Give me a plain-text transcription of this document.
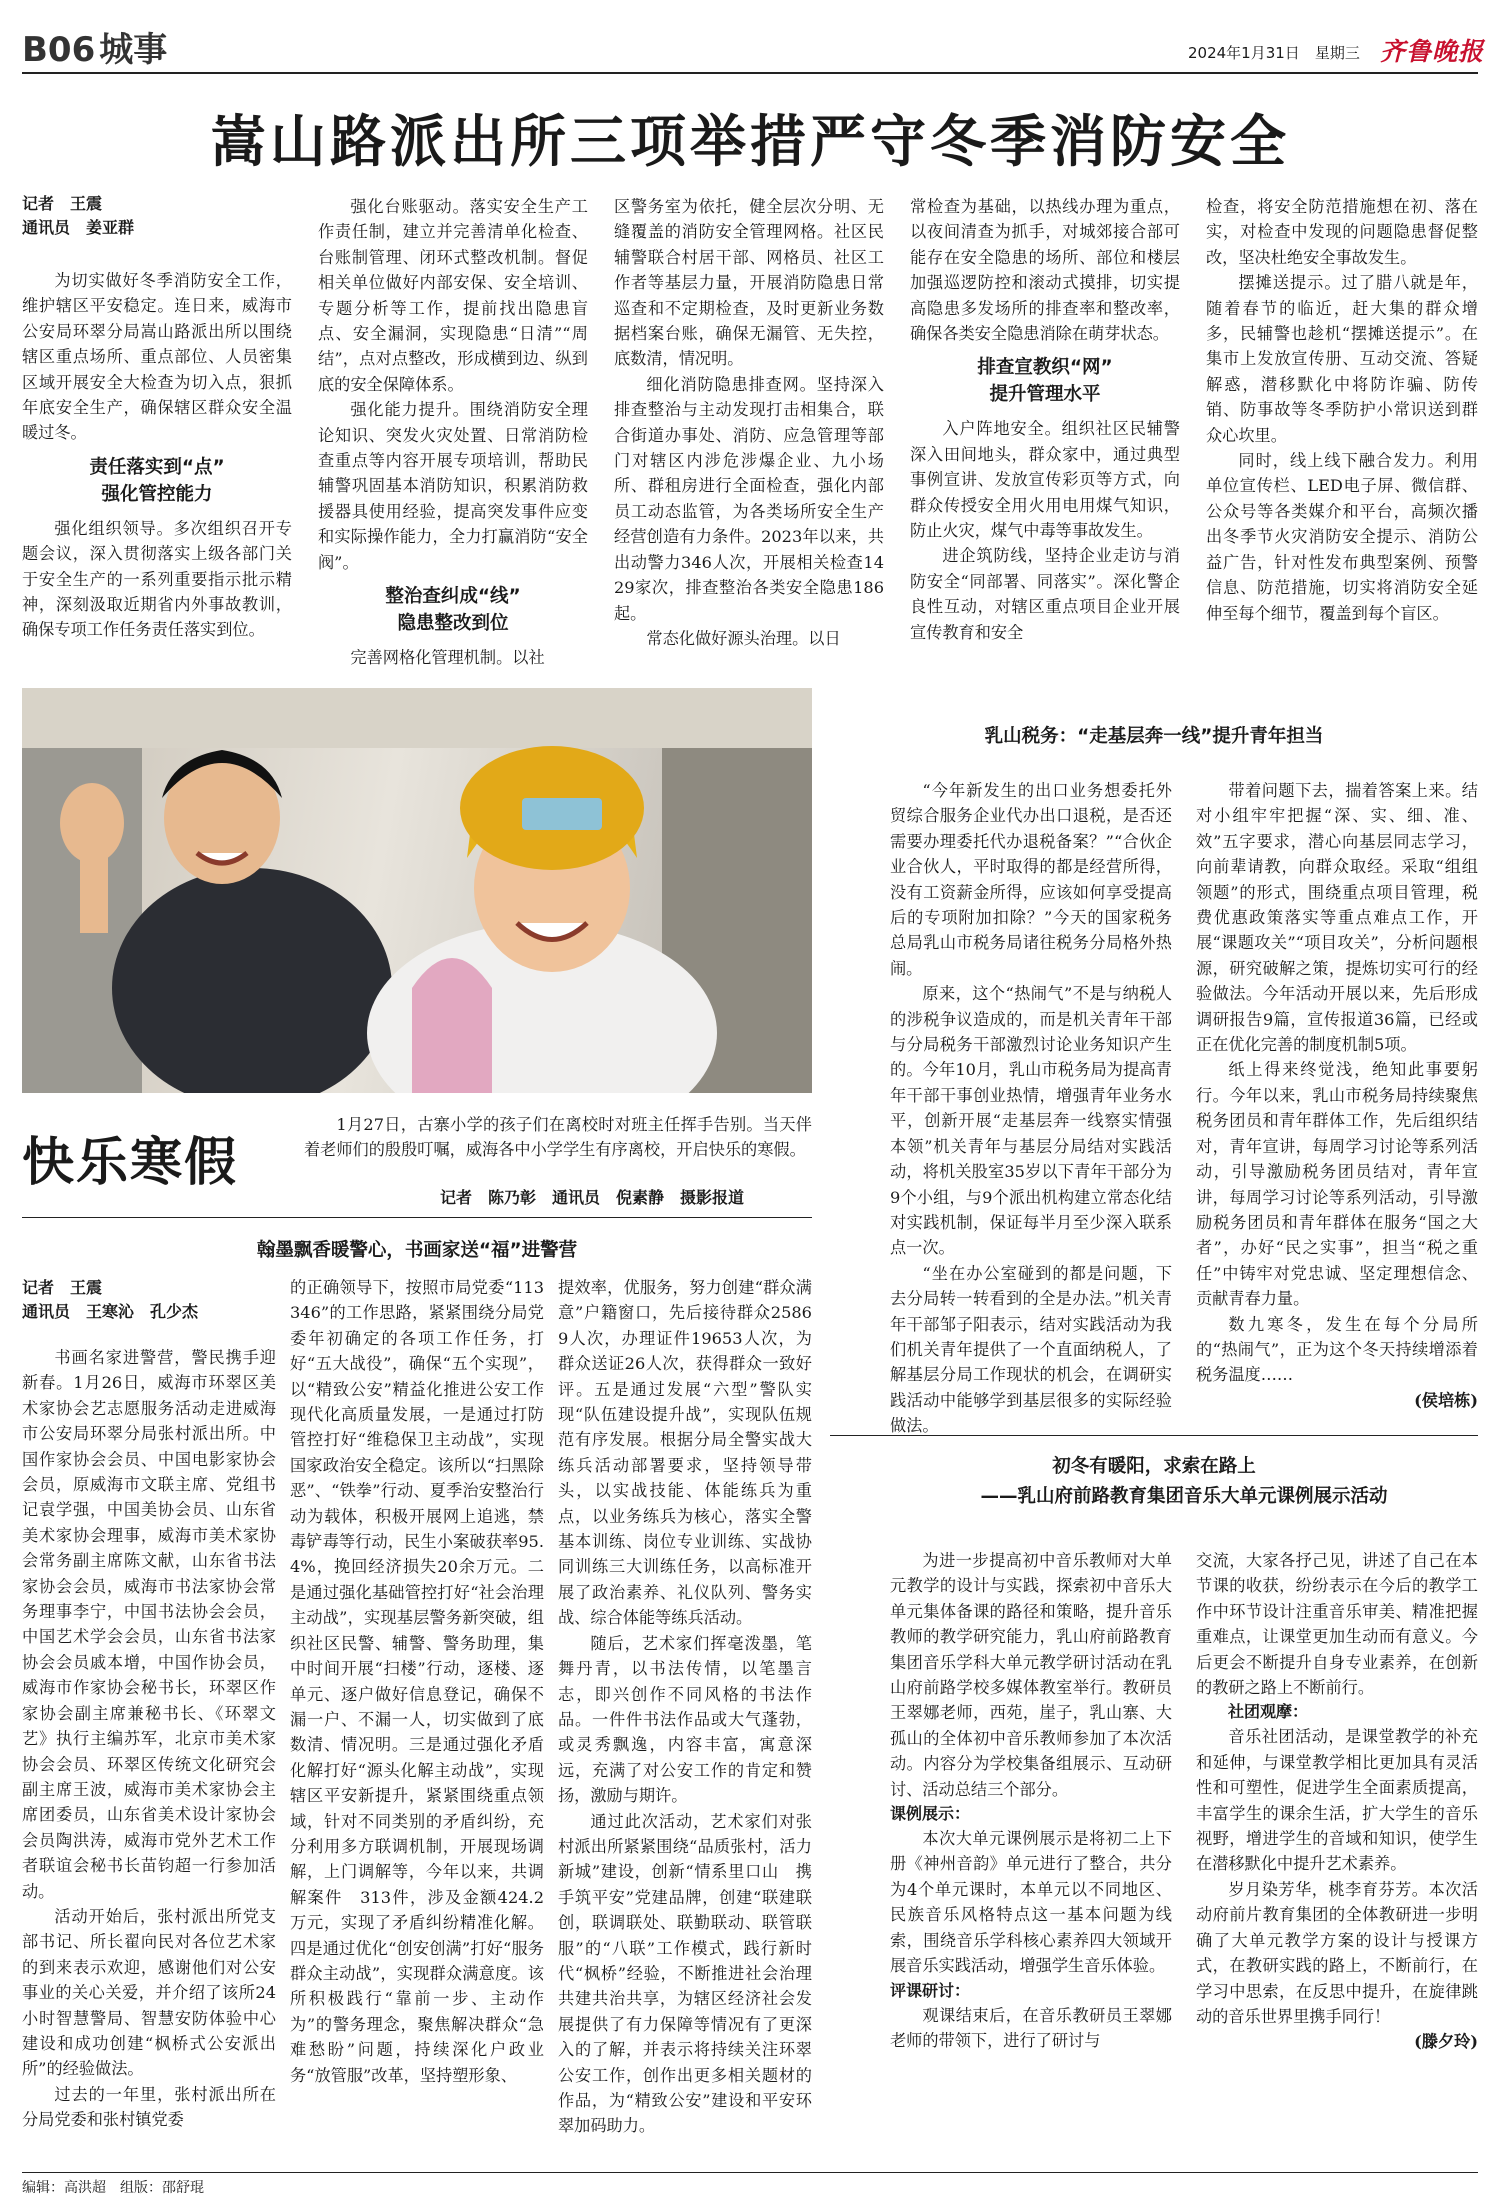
B06 城事	2024年1月31日　 星期三 齐鲁晚报
嵩山路派出所三项举措严守冬季消防安全
记者　王震
通讯员　姜亚群

为切实做好冬季消防安全工作，维护辖区平安稳定。连日来，威海市公安局环翠分局嵩山路派出所以围绕辖区重点场所、重点部位、人员密集区域开展安全大检查为切入点，狠抓年底安全生产，确保辖区群众安全温暖过冬。

责任落实到“点”
强化管控能力

强化组织领导。多次组织召开专题会议，深入贯彻落实上级各部门关于安全生产的一系列重要指示批示精神，深刻汲取近期省内外事故教训，确保专项工作任务责任落实到位。

强化台账驱动。落实安全生产工作责任制，建立并完善清单化检查、台账制管理、闭环式整改机制。督促相关单位做好内部安保、安全培训、专题分析等工作，提前找出隐患盲点、安全漏洞，实现隐患“日清”“周结”，点对点整改，形成横到边、纵到底的安全保障体系。

强化能力提升。围绕消防安全理论知识、突发火灾处置、日常消防检查重点等内容开展专项培训，帮助民辅警巩固基本消防知识，积累消防救援器具使用经验，提高突发事件应变和实际操作能力，全力打赢消防“安全阀”。

整治查纠成“线”
隐患整改到位

完善网格化管理机制。以社

区警务室为依托，健全层次分明、无缝覆盖的消防安全管理网格。社区民辅警联合村居干部、网格员、社区工作者等基层力量，开展消防隐患日常巡查和不定期检查，及时更新业务数据档案台账，确保无漏管、无失控，底数清，情况明。

细化消防隐患排查网。坚持深入排查整治与主动发现打击相集合，联合街道办事处、消防、应急管理等部门对辖区内涉危涉爆企业、九小场所、群租房进行全面检查，强化内部员工动态监管，为各类场所安全生产经营创造有力条件。2023年以来，共出动警力346人次，开展相关检查1429家次，排查整治各类安全隐患186起。

常态化做好源头治理。以日

常检查为基础，以热线办理为重点，以夜间清查为抓手，对城郊接合部可能存在安全隐患的场所、部位和楼层加强巡逻防控和滚动式摸排，切实提高隐患多发场所的排查率和整改率，确保各类安全隐患消除在萌芽状态。

排查宣教织“网”
提升管理水平

入户阵地安全。组织社区民辅警深入田间地头，群众家中，通过典型事例宣讲、发放宣传彩页等方式，向群众传授安全用火用电用煤气知识，防止火灾，煤气中毒等事故发生。

进企筑防线，坚持企业走访与消防安全“同部署、同落实”。深化警企良性互动，对辖区重点项目企业开展宣传教育和安全

检查，将安全防范措施想在初、落在实，对检查中发现的问题隐患督促整改，坚决杜绝安全事故发生。

摆摊送提示。过了腊八就是年，随着春节的临近，赶大集的群众增多，民辅警也趁机“摆摊送提示”。在集市上发放宣传册、互动交流、答疑解惑，潜移默化中将防诈骗、防传销、防事故等冬季防护小常识送到群众心坎里。

同时，线上线下融合发力。利用单位宣传栏、LED电子屏、微信群、公众号等各类媒介和平台，高频次播出冬季节火灾消防安全提示、消防公益广告，针对性发布典型案例、预警信息、防范措施，切实将消防安全延伸至每个细节，覆盖到每个盲区。

快乐寒假
1月27日，古寨小学的孩子们在离校时对班主任挥手告别。当天伴着老师们的殷殷叮嘱，威海各中小学学生有序离校，开启快乐的寒假。
记者　陈乃彰　通讯员　倪素静　摄影报道
翰墨飘香暖警心，书画家送“福”进警营
记者　王震
通讯员　王寒沁　孔少杰

书画名家进警营，警民携手迎新春。1月26日，威海市环翠区美术家协会艺志愿服务活动走进威海市公安局环翠分局张村派出所。中国作家协会会员、中国电影家协会会员，原威海市文联主席、党组书记袁学强，中国美协会员、山东省美术家协会理事，威海市美术家协会常务副主席陈文献，山东省书法家协会会员，威海市书法家协会常务理事李宁，中国书法协会会员，中国艺术学会会员，山东省书法家协会会员戚本增，中国作协会员，威海市作家协会秘书长，环翠区作家协会副主席兼秘书长、《环翠文艺》执行主编苏军，北京市美术家协会会员、环翠区传统文化研究会副主席王波，威海市美术家协会主席团委员，山东省美术设计家协会会员陶洪涛，威海市党外艺术工作者联谊会秘书长苗钧超一行参加活动。

活动开始后，张村派出所党支部书记、所长翟向民对各位艺术家的到来表示欢迎，感谢他们对公安事业的关心关爱，并介绍了该所24小时智慧警局、智慧安防体验中心建设和成功创建“枫桥式公安派出所”的经验做法。

过去的一年里，张村派出所在分局党委和张村镇党委

的正确领导下，按照市局党委“113346”的工作思路，紧紧围绕分局党委年初确定的各项工作任务，打好“五大战役”，确保“五个实现”，以“精致公安”精益化推进公安工作现代化高质量发展，一是通过打防管控打好“维稳保卫主动战”，实现国家政治安全稳定。该所以“扫黑除恶”、“铁拳”行动、夏季治安整治行动为载体，积极开展网上追逃，禁毒铲毒等行动，民生小案破获率95.4%，挽回经济损失20余万元。二是通过强化基础管控打好“社会治理主动战”，实现基层警务新突破，组织社区民警、辅警、警务助理，集中时间开展“扫楼”行动，逐楼、逐单元、逐户做好信息登记，确保不漏一户、不漏一人，切实做到了底数清、情况明。三是通过强化矛盾化解打好“源头化解主动战”，实现辖区平安新提升，紧紧围绕重点领域，针对不同类别的矛盾纠纷，充分利用多方联调机制，开展现场调解，上门调解等，今年以来，共调解案件　313件，涉及金额424.2万元，实现了矛盾纠纷精准化解。四是通过优化“创安创满”打好“服务群众主动战”，实现群众满意度。该所积极践行“靠前一步、主动作为”的警务理念，聚焦解决群众“急难愁盼”问题，持续深化户政业务“放管服”改革，坚持塑形象、

提效率，优服务，努力创建“群众满意”户籍窗口，先后接待群众25869人次，办理证件19653人次，为群众送证26人次，获得群众一致好评。五是通过发展“六型”警队实现“队伍建设提升战”，实现队伍规范有序发展。根据分局全警实战大练兵活动部署要求，坚持领导带头，以实战技能、体能练兵为重点，以业务练兵为核心，落实全警基本训练、岗位专业训练、实战协同训练三大训练任务，以高标准开展了政治素养、礼仪队列、警务实战、综合体能等练兵活动。

随后，艺术家们挥毫泼墨，笔舞丹青，以书法传情，以笔墨言志，即兴创作不同风格的书法作品。一件件书法作品或大气蓬勃，或灵秀飘逸，内容丰富，寓意深远，充满了对公安工作的肯定和赞扬，激励与期许。

通过此次活动，艺术家们对张村派出所紧紧围绕“品质张村，活力新城”建设，创新“情系里口山　携手筑平安”党建品牌，创建“联建联创，联调联处、联勤联动、联管联服”的“八联”工作模式，践行新时代“枫桥”经验，不断推进社会治理共建共治共享，为辖区经济社会发展提供了有力保障等情况有了更深入的了解，并表示将持续关注环翠公安工作，创作出更多相关题材的作品，为“精致公安”建设和平安环翠加码助力。

乳山税务：“走基层奔一线”提升青年担当

“今年新发生的出口业务想委托外贸综合服务企业代办出口退税，是否还需要办理委托代办退税备案？”“合伙企业合伙人，平时取得的都是经营所得，没有工资薪金所得，应该如何享受提高后的专项附加扣除？”今天的国家税务总局乳山市税务局诸往税务分局格外热闹。

原来，这个“热闹气”不是与纳税人的涉税争议造成的，而是机关青年干部与分局税务干部激烈讨论业务知识产生的。今年10月，乳山市税务局为提高青年干部干事创业热情，增强青年业务水平，创新开展“走基层奔一线察实情强本领”机关青年与基层分局结对实践活动，将机关股室35岁以下青年干部分为9个小组，与9个派出机构建立常态化结对实践机制，保证每半月至少深入联系点一次。

“坐在办公室碰到的都是问题，下去分局转一转看到的全是办法。”机关青年干部邹子阳表示，结对实践活动为我们机关青年提供了一个直面纳税人，了解基层分局工作现状的机会，在调研实践活动中能够学到基层很多的实际经验做法。

带着问题下去，揣着答案上来。结对小组牢牢把握“深、实、细、准、效”五字要求，潜心向基层同志学习，向前辈请教，向群众取经。采取“组组领题”的形式，围绕重点项目管理，税费优惠政策落实等重点难点工作，开展“课题攻关”“项目攻关”，分析问题根源，研究破解之策，提炼切实可行的经验做法。今年活动开展以来，先后形成调研报告9篇，宣传报道36篇，已经或正在优化完善的制度机制5项。

纸上得来终觉浅，绝知此事要躬行。今年以来，乳山市税务局持续聚焦税务团员和青年群体工作，先后组织结对，青年宣讲，每周学习讨论等系列活动，引导激励税务团员结对，青年宣讲，每周学习讨论等系列活动，引导激励税务团员和青年群体在服务“国之大者”，办好“民之实事”，担当“税之重任”中铸牢对党忠诚、坚定理想信念、贡献青春力量。

数九寒冬，发生在每个分局所的“热闹气”，正为这个冬天持续增添着税务温度……

(侯培栋)
初冬有暖阳，求索在路上
——乳山府前路教育集团音乐大单元课例展示活动

为进一步提高初中音乐教师对大单元教学的设计与实践，探索初中音乐大单元集体备课的路径和策略，提升音乐教师的教学研究能力，乳山府前路教育集团音乐学科大单元教学研讨活动在乳山府前路学校多媒体教室举行。教研员王翠娜老师，西苑，崖子，乳山寨、大孤山的全体初中音乐教师参加了本次活动。内容分为学校集备组展示、互动研讨、活动总结三个部分。

课例展示：

本次大单元课例展示是将初二上下册《神州音韵》单元进行了整合，共分为4个单元课时，本单元以不同地区、民族音乐风格特点这一基本问题为线索，围绕音乐学科核心素养四大领域开展音乐实践活动，增强学生音乐体验。

评课研讨：

观课结束后，在音乐教研员王翠娜老师的带领下，进行了研讨与

交流，大家各抒己见，讲述了自己在本节课的收获，纷纷表示在今后的教学工作中环节设计注重音乐审美、精准把握重难点，让课堂更加生动而有意义。今后更会不断提升自身专业素养，在创新的教研之路上不断前行。

社团观摩：

音乐社团活动，是课堂教学的补充和延伸，与课堂教学相比更加具有灵活性和可塑性，促进学生全面素质提高，丰富学生的课余生活，扩大学生的音乐视野，增进学生的音域和知识，使学生在潜移默化中提升艺术素养。

岁月染芳华，桃李育芬芳。本次活动府前片教育集团的全体教研进一步明确了大单元教学方案的设计与授课方式，在教研实践的路上，不断前行，在学习中思索，在反思中提升，在旋律跳动的音乐世界里携手同行！

(滕夕玲)
编辑：高洪超　组版：邵舒琨
